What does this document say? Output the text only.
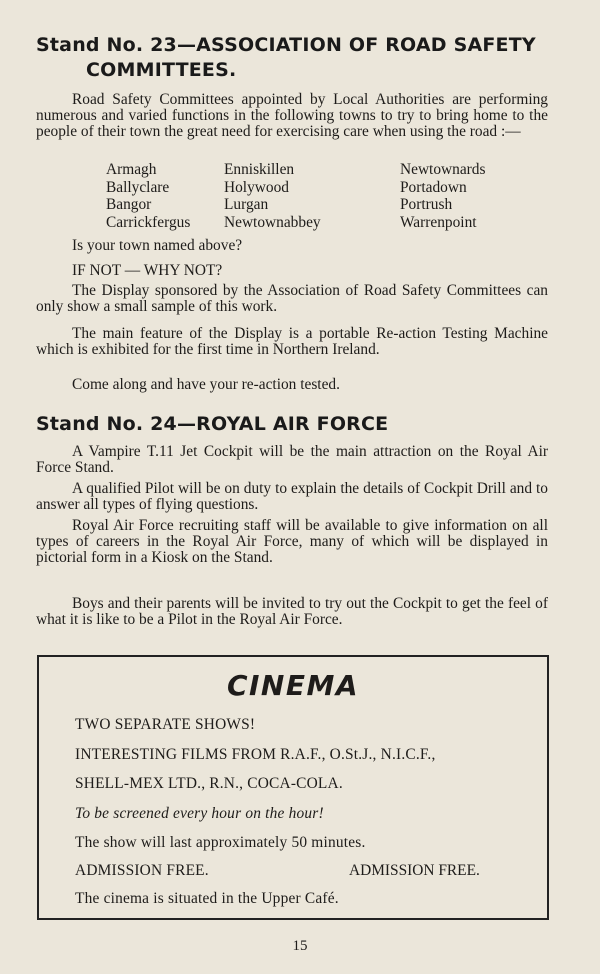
Stand No. 23—ASSOCIATION OF ROAD SAFETY
COMMITTEES.

Road Safety Committees appointed by Local Authorities are performing numerous and varied functions in the following towns to try to bring home to the people of their town the great need for exercising care when using the road :—

Armagh
Ballyclare
Bangor
Carrickfergus
Enniskillen
Holywood
Lurgan
Newtownabbey
Newtownards
Portadown
Portrush
Warrenpoint
Is your town named above?
IF NOT — WHY NOT?

The Display sponsored by the Association of Road Safety Committees can only show a small sample of this work.

The main feature of the Display is a portable Re-action Testing Machine which is exhibited for the first time in Northern Ireland.

Come along and have your re-action tested.
Stand No. 24—ROYAL AIR FORCE

A Vampire T.11 Jet Cockpit will be the main attraction on the Royal Air Force Stand.

A qualified Pilot will be on duty to explain the details of Cockpit Drill and to answer all types of flying questions.

Royal Air Force recruiting staff will be available to give information on all types of careers in the Royal Air Force, many of which will be displayed in pictorial form in a Kiosk on the Stand.

Boys and their parents will be invited to try out the Cockpit to get the feel of what it is like to be a Pilot in the Royal Air Force.

CINEMA
TWO SEPARATE SHOWS!
INTERESTING FILMS FROM R.A.F., O.St.J., N.I.C.F.,
SHELL-MEX LTD., R.N., COCA-COLA.
To be screened every hour on the hour!
The show will last approximately 50 minutes.
ADMISSION FREE.	ADMISSION FREE.
The cinema is situated in the Upper Café.
15
